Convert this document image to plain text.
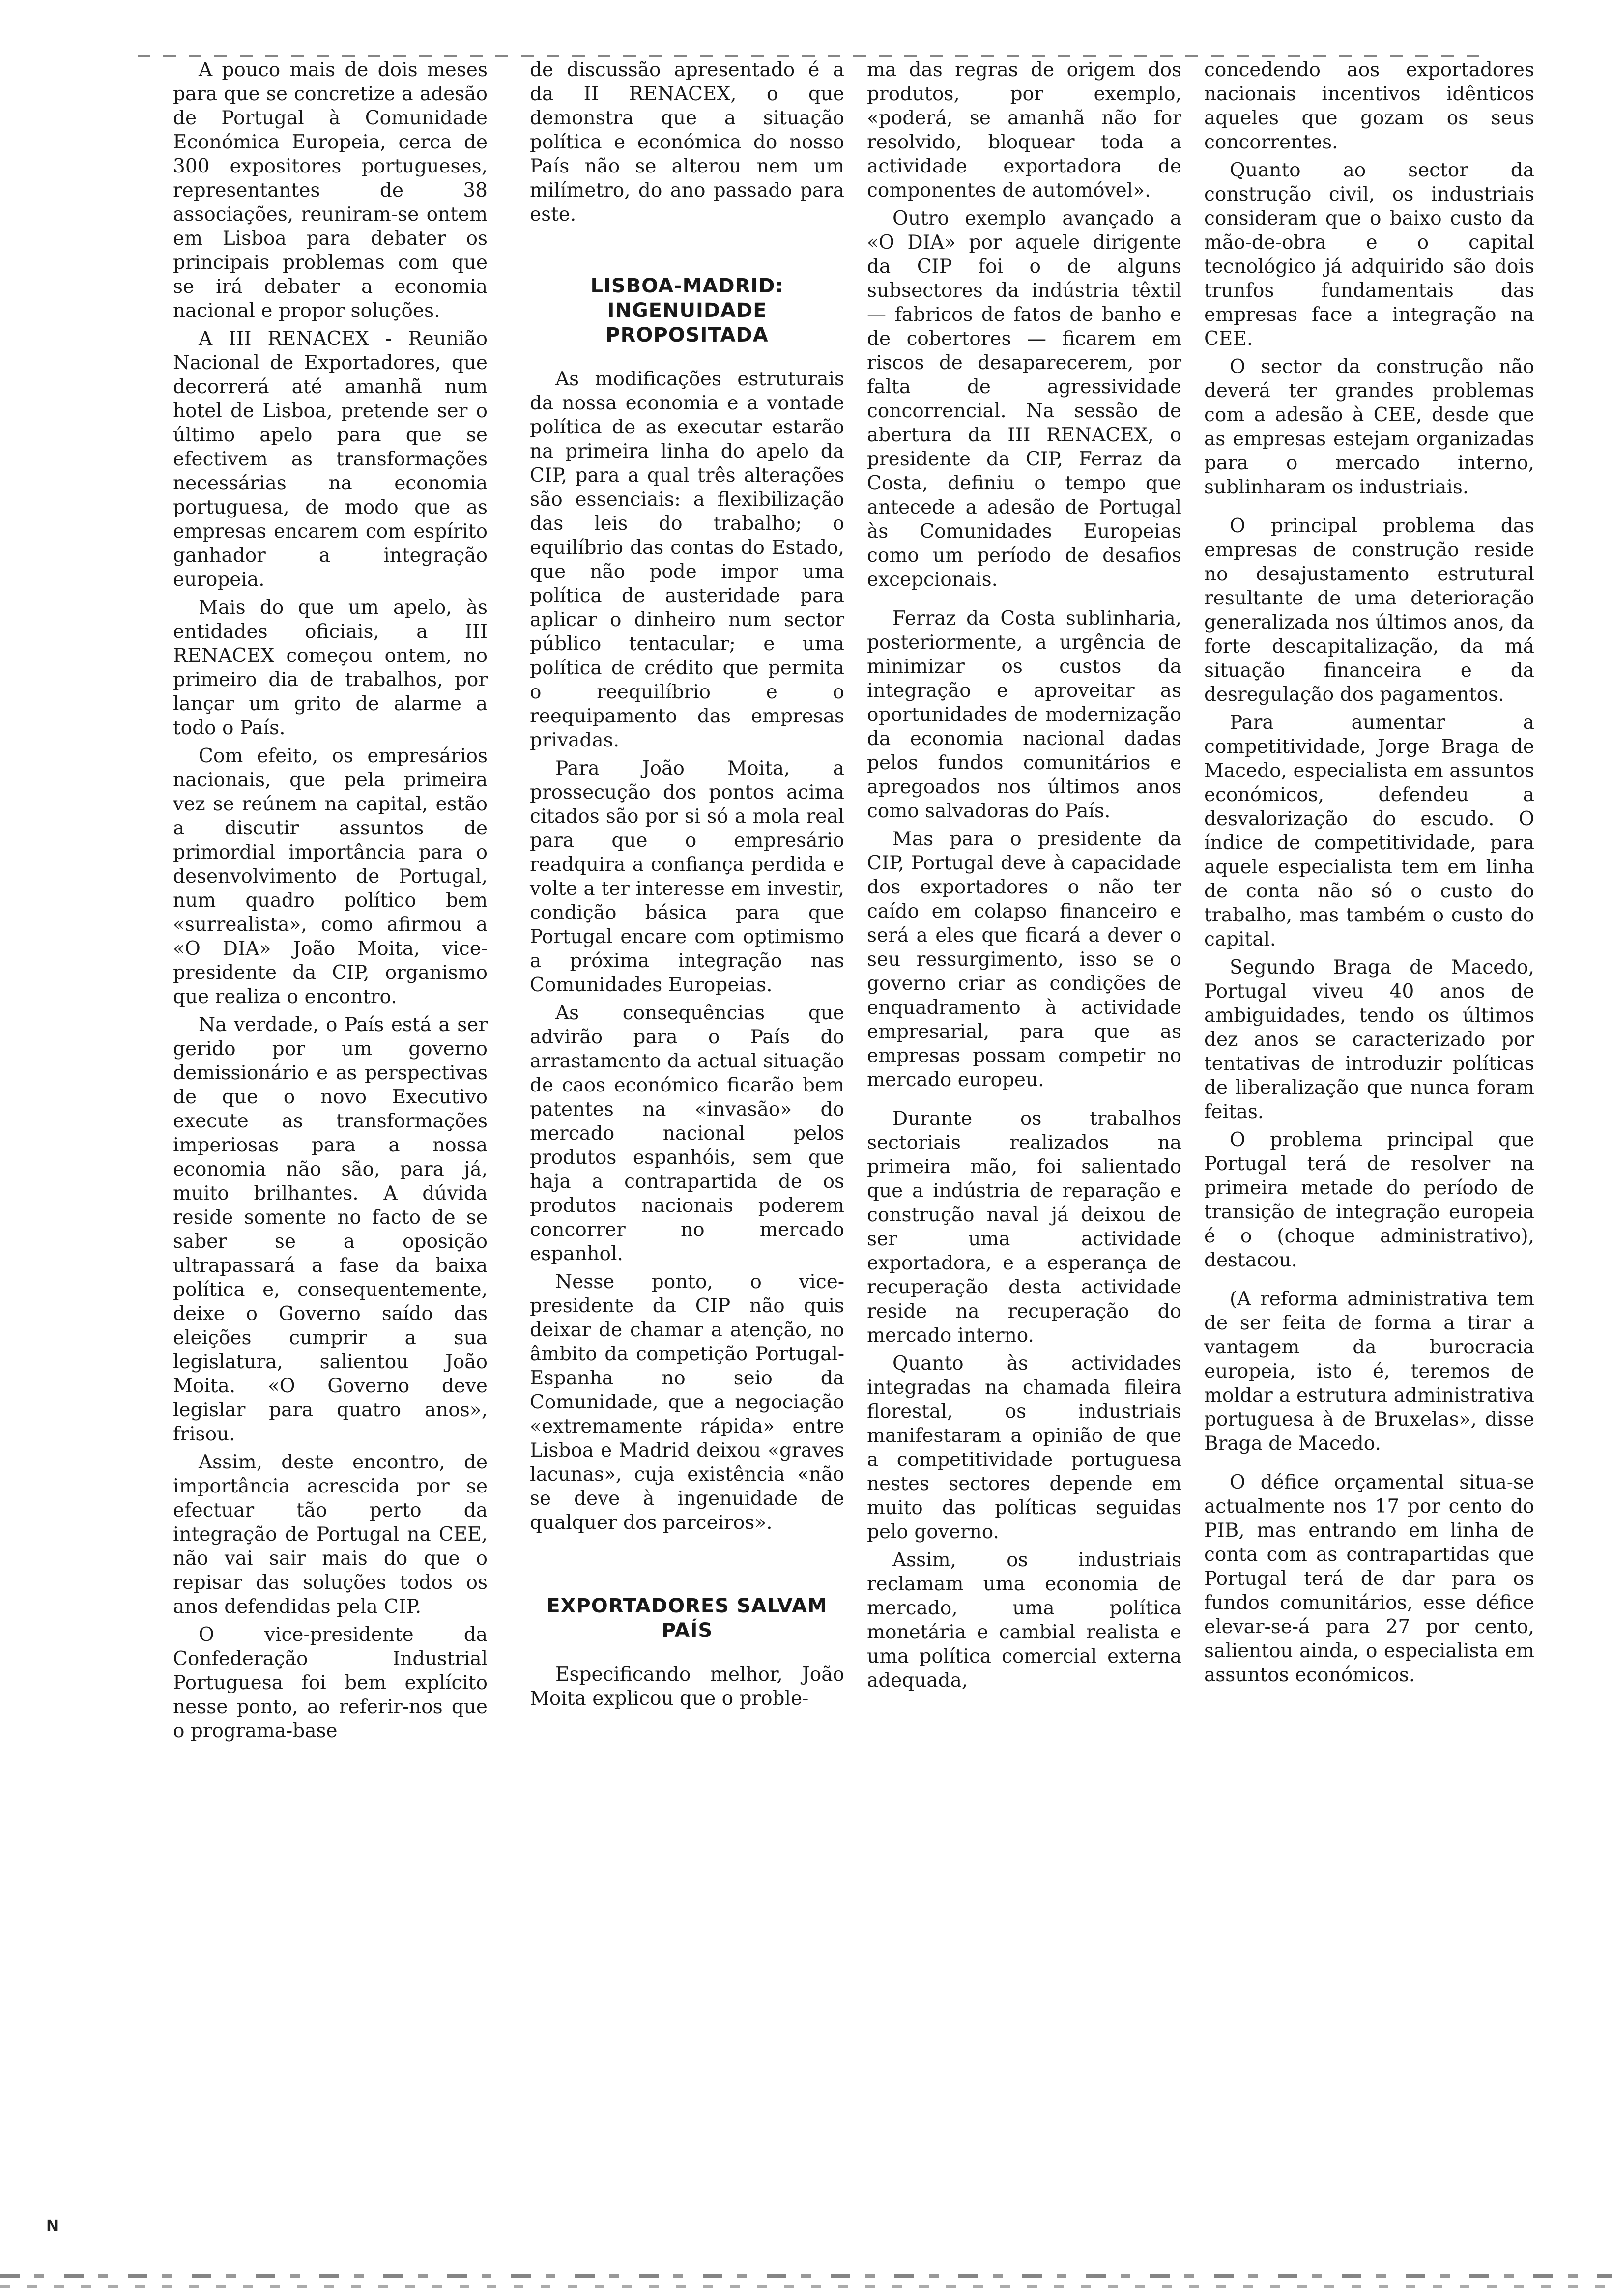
A pouco mais de dois meses para que se concretize a adesão de Portugal à Comunidade Económica Europeia, cerca de 300 expositores portugueses, representantes de 38 associações, reuniram-se ontem em Lisboa para debater os principais problemas com que se irá debater a economia nacional e propor soluções.

A III RENACEX - Reunião Nacional de Exportadores, que decorrerá até amanhã num hotel de Lisboa, pretende ser o último apelo para que se efectivem as transformações necessárias na economia portuguesa, de modo que as empresas encarem com espírito ganhador a integração europeia.

Mais do que um apelo, às entidades oficiais, a III RENACEX começou ontem, no primeiro dia de trabalhos, por lançar um grito de alarme a todo o País.

Com efeito, os empresários nacionais, que pela primeira vez se reúnem na capital, estão a discutir assuntos de primordial importância para o desenvolvimento de Portugal, num quadro político bem «surrealista», como afirmou a «O DIA» João Moita, vice-presidente da CIP, organismo que realiza o encontro.

Na verdade, o País está a ser gerido por um governo demissionário e as perspectivas de que o novo Executivo execute as transformações imperiosas para a nossa economia não são, para já, muito brilhantes. A dúvida reside somente no facto de se saber se a oposição ultrapassará a fase da baixa política e, consequentemente, deixe o Governo saído das eleições cumprir a sua legislatura, salientou João Moita. «O Governo deve legislar para quatro anos», frisou.

Assim, deste encontro, de importância acrescida por se efectuar tão perto da integração de Portugal na CEE, não vai sair mais do que o repisar das soluções todos os anos defendidas pela CIP.

O vice-presidente da Confederação Industrial Portuguesa foi bem explícito nesse ponto, ao referir-nos que o programa-base

de discussão apresentado é a da II RENACEX, o que demonstra que a situação política e económica do nosso País não se alterou nem um milímetro, do ano passado para este.

LISBOA-MADRID: INGENUIDADE PROPOSITADA

As modificações estruturais da nossa economia e a vontade política de as executar estarão na primeira linha do apelo da CIP, para a qual três alterações são essenciais: a flexibilização das leis do trabalho; o equilíbrio das contas do Estado, que não pode impor uma política de austeridade para aplicar o dinheiro num sector público tentacular; e uma política de crédito que permita o reequilíbrio e o reequipamento das empresas privadas.

Para João Moita, a prossecução dos pontos acima citados são por si só a mola real para que o empresário readquira a confiança perdida e volte a ter interesse em investir, condição básica para que Portugal encare com optimismo a próxima integração nas Comunidades Europeias.

As consequências que advirão para o País do arrastamento da actual situação de caos económico ficarão bem patentes na «invasão» do mercado nacional pelos produtos espanhóis, sem que haja a contrapartida de os produtos nacionais poderem concorrer no mercado espanhol.

Nesse ponto, o vice-presidente da CIP não quis deixar de chamar a atenção, no âmbito da competição Portugal-Espanha no seio da Comunidade, que a negociação «extremamente rápida» entre Lisboa e Madrid deixou «graves lacunas», cuja existência «não se deve à ingenuidade de qualquer dos parceiros».

EXPORTADORES SALVAM PAÍS

Especificando melhor, João Moita explicou que o proble-

ma das regras de origem dos produtos, por exemplo, «poderá, se amanhã não for resolvido, bloquear toda a actividade exportadora de componentes de automóvel».

Outro exemplo avançado a «O DIA» por aquele dirigente da CIP foi o de alguns subsectores da indústria têxtil — fabricos de fatos de banho e de cobertores — ficarem em riscos de desaparecerem, por falta de agressividade concorrencial. Na sessão de abertura da III RENACEX, o presidente da CIP, Ferraz da Costa, definiu o tempo que antecede a adesão de Portugal às Comunidades Europeias como um período de desafios excepcionais.

Ferraz da Costa sublinharia, posteriormente, a urgência de minimizar os custos da integração e aproveitar as oportunidades de modernização da economia nacional dadas pelos fundos comunitários e apregoados nos últimos anos como salvadoras do País.

Mas para o presidente da CIP, Portugal deve à capacidade dos exportadores o não ter caído em colapso financeiro e será a eles que ficará a dever o seu ressurgimento, isso se o governo criar as condições de enquadramento à actividade empresarial, para que as empresas possam competir no mercado europeu.

Durante os trabalhos sectoriais realizados na primeira mão, foi salientado que a indústria de reparação e construção naval já deixou de ser uma actividade exportadora, e a esperança de recuperação desta actividade reside na recuperação do mercado interno.

Quanto às actividades integradas na chamada fileira florestal, os industriais manifestaram a opinião de que a competitividade portuguesa nestes sectores depende em muito das políticas seguidas pelo governo.

Assim, os industriais reclamam uma economia de mercado, uma política monetária e cambial realista e uma política comercial externa adequada,

concedendo aos exportadores nacionais incentivos idênticos aqueles que gozam os seus concorrentes.

Quanto ao sector da construção civil, os industriais consideram que o baixo custo da mão-de-obra e o capital tecnológico já adquirido são dois trunfos fundamentais das empresas face a integração na CEE.

O sector da construção não deverá ter grandes problemas com a adesão à CEE, desde que as empresas estejam organizadas para o mercado interno, sublinharam os industriais.

O principal problema das empresas de construção reside no desajustamento estrutural resultante de uma deterioração generalizada nos últimos anos, da forte descapitalização, da má situação financeira e da desregulação dos pagamentos.

Para aumentar a competitividade, Jorge Braga de Macedo, especialista em assuntos económicos, defendeu a desvalorização do escudo. O índice de competitividade, para aquele especialista tem em linha de conta não só o custo do trabalho, mas também o custo do capital.

Segundo Braga de Macedo, Portugal viveu 40 anos de ambiguidades, tendo os últimos dez anos se caracterizado por tentativas de introduzir políticas de liberalização que nunca foram feitas.

O problema principal que Portugal terá de resolver na primeira metade do período de transição de integração europeia é o (choque administrativo), destacou.

(A reforma administrativa tem de ser feita de forma a tirar a vantagem da burocracia europeia, isto é, teremos de moldar a estrutura administrativa portuguesa à de Bruxelas», disse Braga de Macedo.

O défice orçamental situa-se actualmente nos 17 por cento do PIB, mas entrando em linha de conta com as contrapartidas que Portugal terá de dar para os fundos comunitários, esse défice elevar-se-á para 27 por cento, salientou ainda, o especialista em assuntos económicos.

N
